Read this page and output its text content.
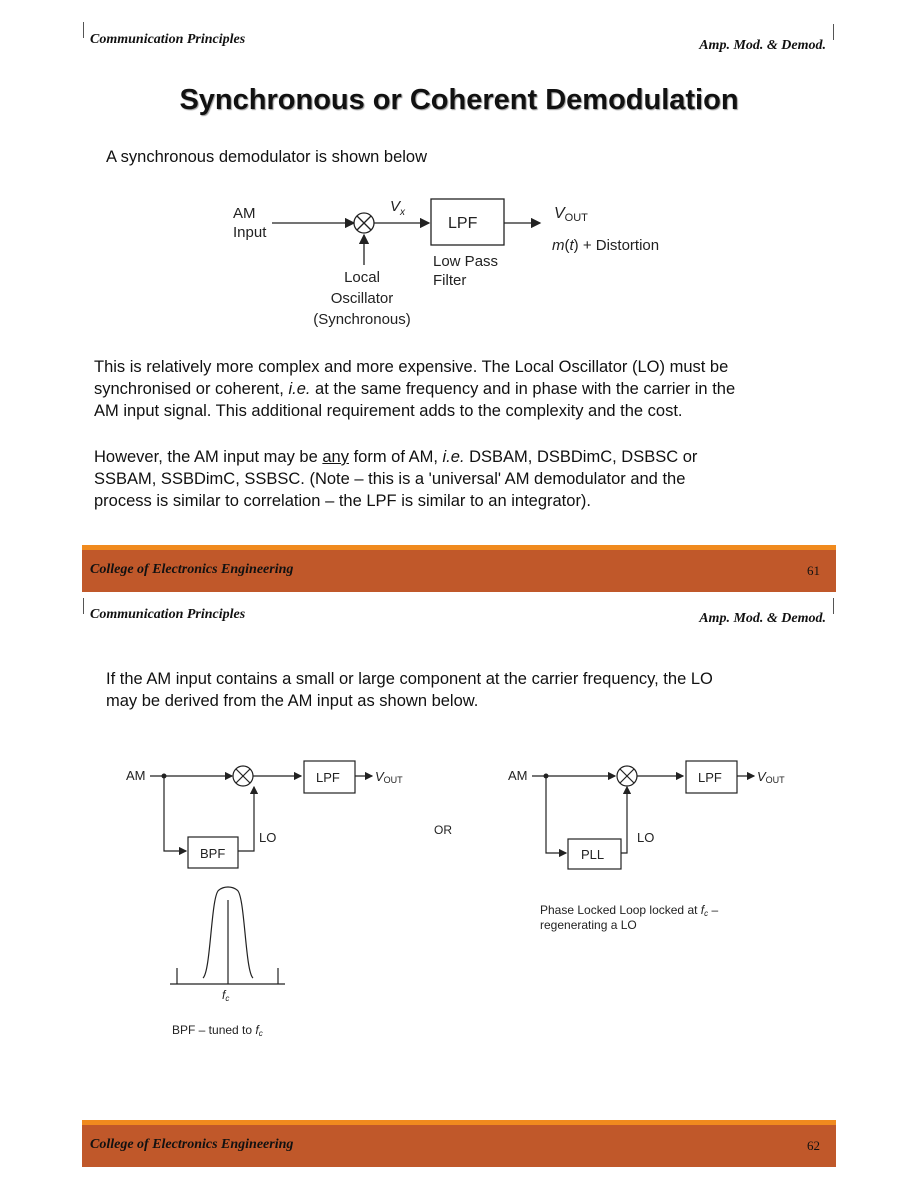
Communication Principles	Amp. Mod. & Demod.
Synchronous or Coherent Demodulation
A synchronous demodulator is shown below
AM
Input
$V_x$
LPF
VOUT
m(t) + Distortion
Low Pass
Filter
Local
Oscillator
(Synchronous)
This is relatively more complex and more expensive. The Local Oscillator (LO) must be
synchronised or coherent, i.e. at the same frequency and in phase with the carrier in the
AM input signal. This additional requirement adds to the complexity and the cost.
However, the AM input may be any form of AM, i.e. DSBAM, DSBDimC, DSBSC or
SSBAM, SSBDimC, SSBSC. (Note – this is a 'universal' AM demodulator and the
process is similar to correlation – the LPF is similar to an integrator).
College of Electronics Engineering	61
Communication Principles	Amp. Mod. & Demod.
If the AM input contains a small or large component at the carrier frequency, the LO
may be derived from the AM input as shown below.
AM	LPF	VOUT
BPF
LO
fc
BPF – tuned to fc
OR
AM	LPF	VOUT
PLL
LO
Phase Locked Loop locked at fc –
regenerating a LO
College of Electronics Engineering	62
